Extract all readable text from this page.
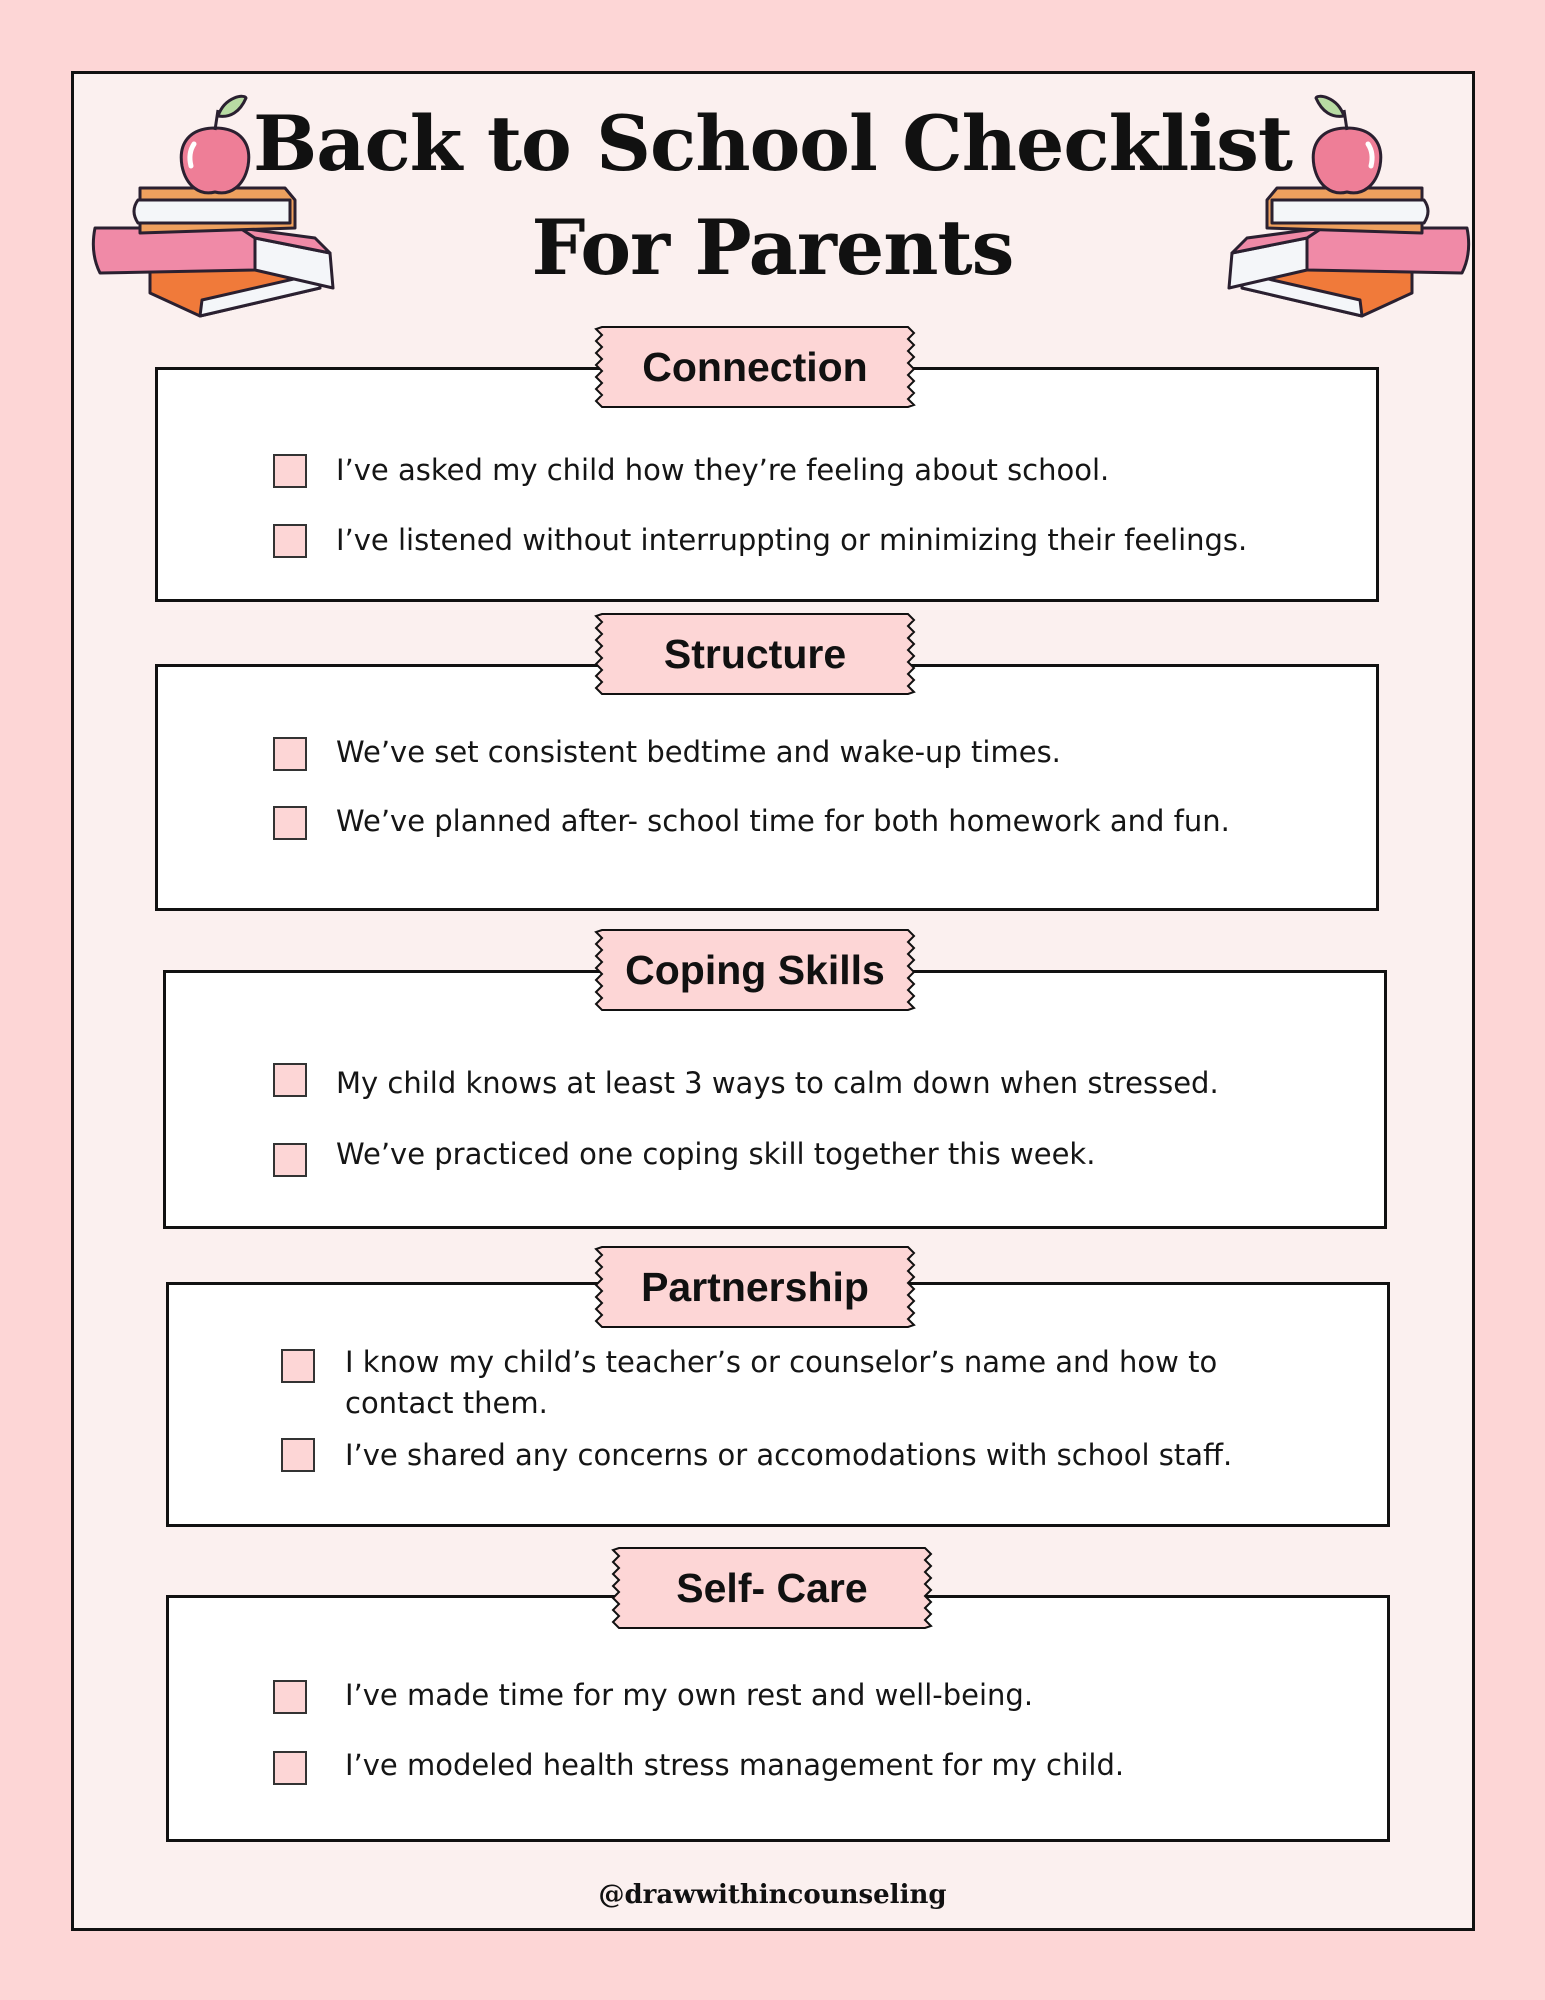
Back to School Checklist
For Parents
Connection
I’ve asked my child how they’re feeling about school.
I’ve listened without interruppting or minimizing their feelings.
Structure
We’ve set consistent bedtime and wake-up times.
We’ve planned after- school time for both homework and fun.
Coping Skills
My child knows at least 3 ways to calm down when stressed.
We’ve practiced one coping skill together this week.
Partnership
I know my child’s teacher’s or counselor’s name and how to contact them.
I’ve shared any concerns or accomodations with school staff.
Self- Care
I’ve made time for my own rest and well-being.
I’ve modeled health stress management for my child.
@drawwithincounseling
